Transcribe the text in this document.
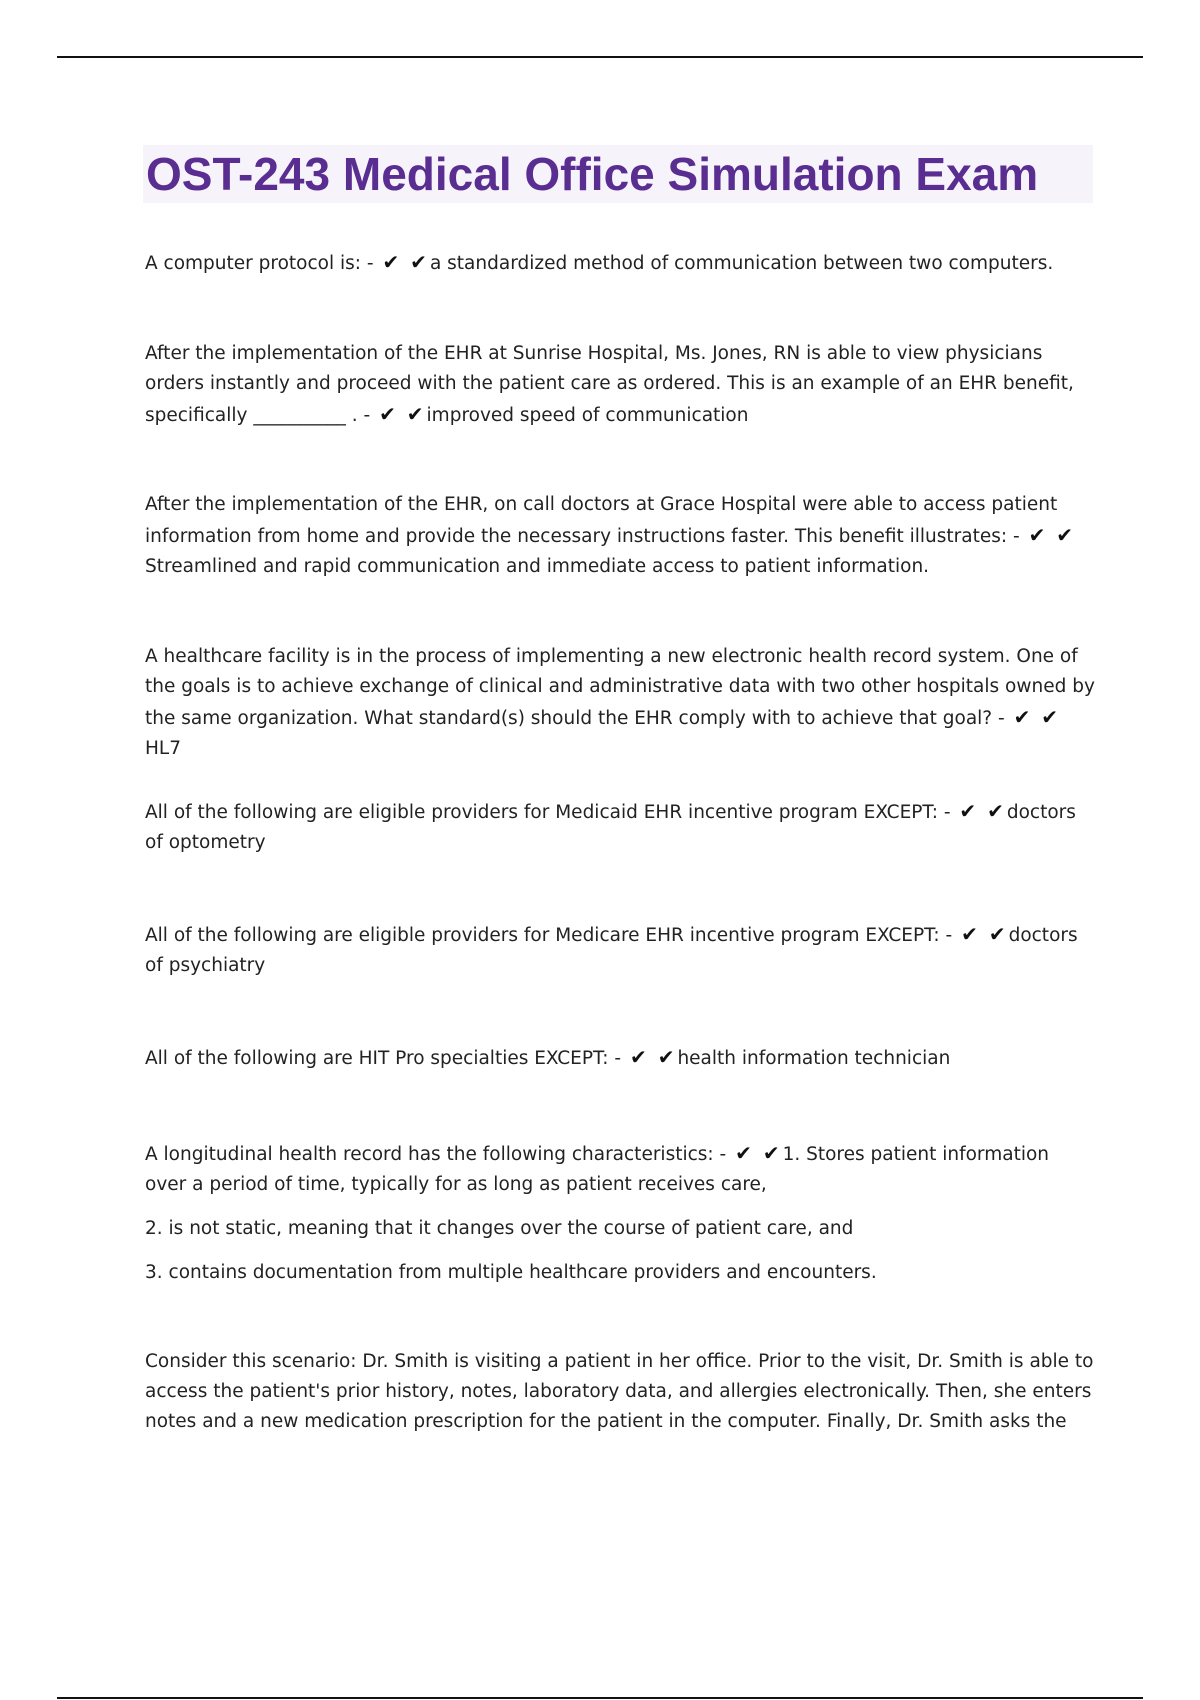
OST-243 Medical Office Simulation Exam

A computer protocol is: - ✔ ✔a standardized method of communication between two computers.

After the implementation of the EHR at Sunrise Hospital, Ms. Jones, RN is able to view physicians orders instantly and proceed with the patient care as ordered. This is an example of an EHR benefit, specifically __________ . - ✔ ✔improved speed of communication

After the implementation of the EHR, on call doctors at Grace Hospital were able to access patient information from home and provide the necessary instructions faster. This benefit illustrates: - ✔ ✔Streamlined and rapid communication and immediate access to patient information.

A healthcare facility is in the process of implementing a new electronic health record system. One of the goals is to achieve exchange of clinical and administrative data with two other hospitals owned by the same organization. What standard(s) should the EHR comply with to achieve that goal? - ✔ ✔HL7

All of the following are eligible providers for Medicaid EHR incentive program EXCEPT: - ✔ ✔doctors of optometry

All of the following are eligible providers for Medicare EHR incentive program EXCEPT: - ✔ ✔doctors of psychiatry

All of the following are HIT Pro specialties EXCEPT: - ✔ ✔health information technician

A longitudinal health record has the following characteristics: - ✔ ✔1. Stores patient information over a period of time, typically for as long as patient receives care,

2. is not static, meaning that it changes over the course of patient care, and

3. contains documentation from multiple healthcare providers and encounters.

Consider this scenario: Dr. Smith is visiting a patient in her office. Prior to the visit, Dr. Smith is able to access the patient's prior history, notes, laboratory data, and allergies electronically. Then, she enters notes and a new medication prescription for the patient in the computer. Finally, Dr. Smith asks the
